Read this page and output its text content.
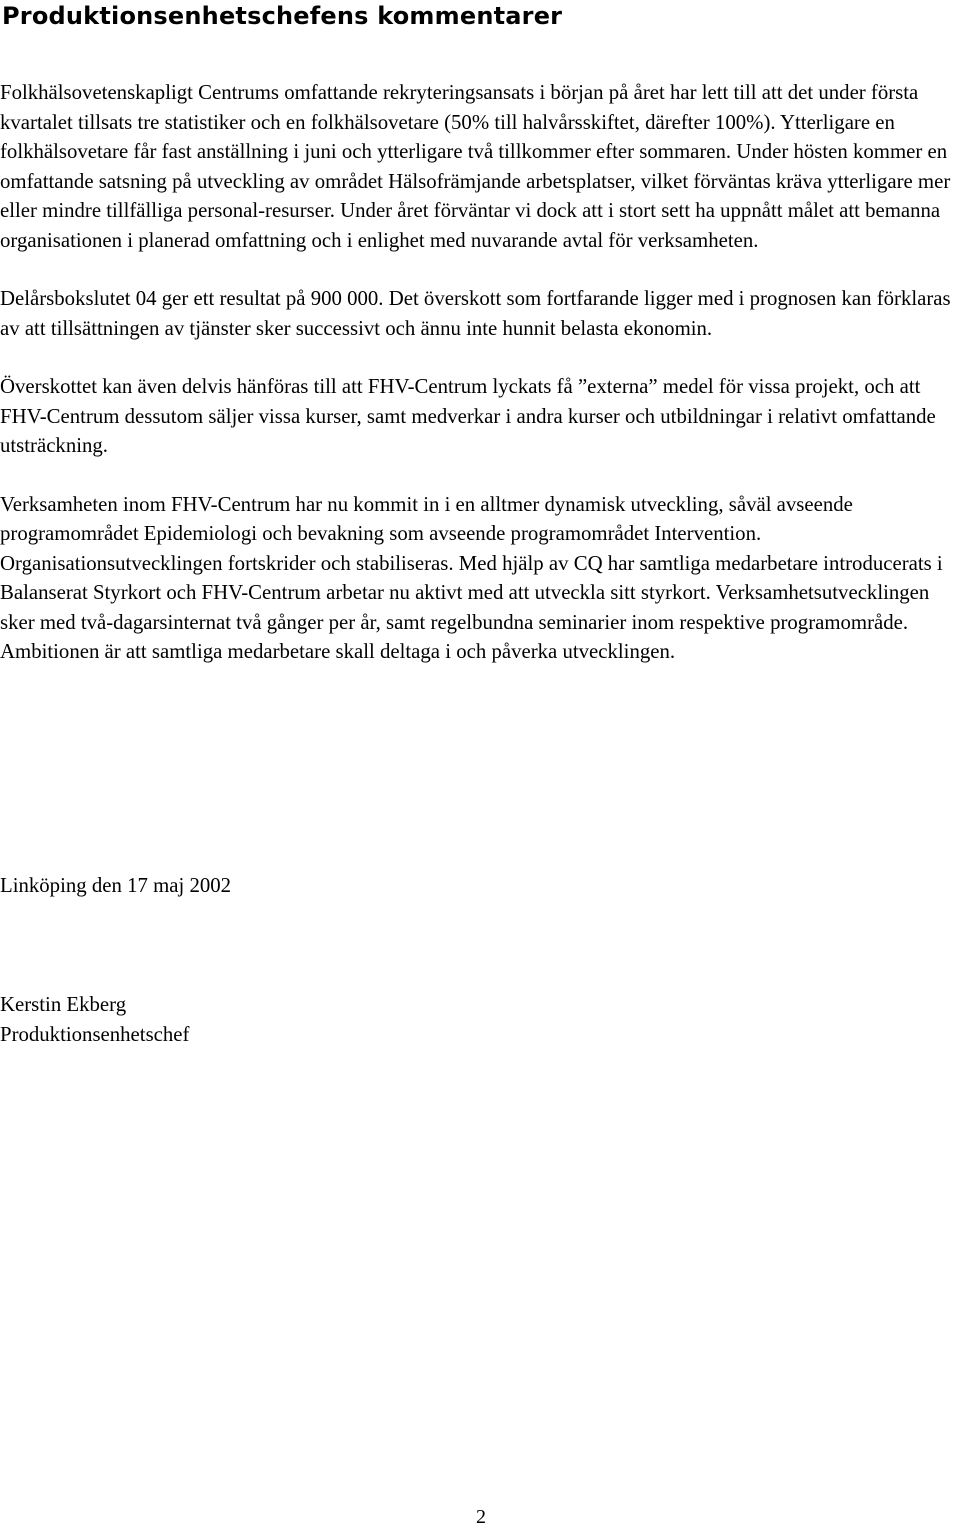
Produktionsenhetschefens kommentarer

Folkhälsovetenskapligt Centrums omfattande rekryteringsansats i början på året har lett till att det under första kvartalet tillsats tre statistiker och en folkhälsovetare (50% till halvårsskiftet, därefter 100%). Ytterligare en folkhälsovetare får fast anställning i juni och ytterligare två tillkommer efter sommaren. Under hösten kommer en omfattande satsning på utveckling av området Hälsofrämjande arbetsplatser, vilket förväntas kräva ytterligare mer eller mindre tillfälliga personal-resurser. Under året förväntar vi dock att i stort sett ha uppnått målet att bemanna organisationen i planerad omfattning och i enlighet med nuvarande avtal för verksamheten.

Delårsbokslutet 04 ger ett resultat på 900 000. Det överskott som fortfarande ligger med i prognosen kan förklaras av att tillsättningen av tjänster sker successivt och ännu inte hunnit belasta ekonomin.

Överskottet kan även delvis hänföras till att FHV-Centrum lyckats få ”externa” medel för vissa projekt, och att FHV-Centrum dessutom säljer vissa kurser, samt medverkar i andra kurser och utbildningar i relativt omfattande utsträckning.

Verksamheten inom FHV-Centrum har nu kommit in i en alltmer dynamisk utveckling, såväl avseende programområdet Epidemiologi och bevakning som avseende programområdet Intervention. Organisationsutvecklingen fortskrider och stabiliseras. Med hjälp av CQ har samtliga medarbetare introducerats i Balanserat Styrkort och FHV-Centrum arbetar nu aktivt med att utveckla sitt styrkort. Verksamhetsutvecklingen sker med två-dagarsinternat två gånger per år, samt regelbundna seminarier inom respektive programområde. Ambitionen är att samtliga medarbetare skall deltaga i och påverka utvecklingen.

Linköping den 17 maj 2002

Kerstin Ekberg
Produktionsenhetschef
2
